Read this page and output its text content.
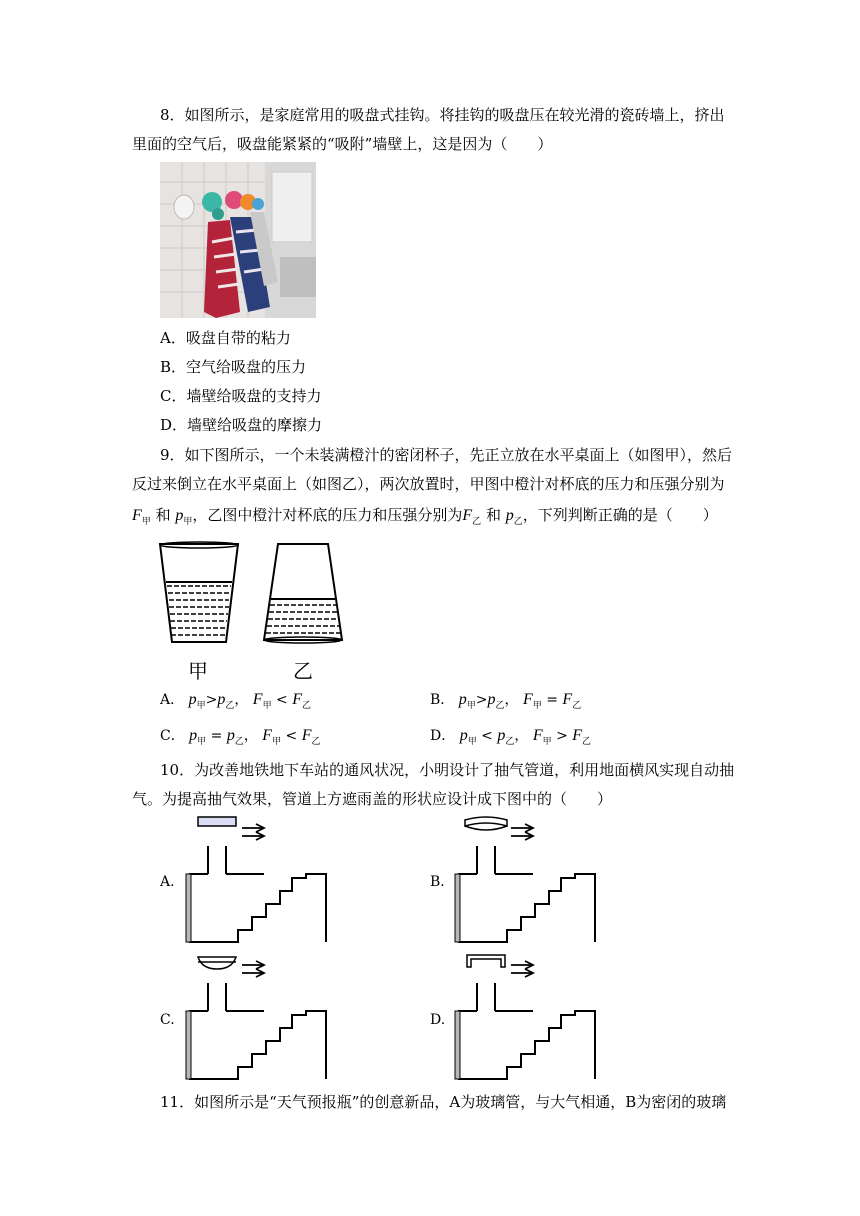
8．如图所示，是家庭常用的吸盘式挂钩。将挂钩的吸盘压在较光滑的瓷砖墙上，挤出
里面的空气后，吸盘能紧紧的“吸附”墙壁上，这是因为（　　）
A．吸盘自带的粘力
B．空气给吸盘的压力
C．墙壁给吸盘的支持力
D．墙壁给吸盘的摩擦力
9．如下图所示，一个未装满橙汁的密闭杯子，先正立放在水平桌面上（如图甲），然后
反过来倒立在水平桌面上（如图乙），两次放置时，甲图中橙汁对杯底的压力和压强分别为
$F_甲$ 和 $p_甲$，乙图中橙汁对杯底的压力和压强分别为$F_乙$ 和 $p_乙$，下列判断正确的是（　　）
甲	乙
A． $p_甲>p_乙$， $F_甲 < F_乙$	B． $p_甲>p_乙$， $F_甲 = F_乙$
C． $p_甲 = p_乙$， $F_甲 < F_乙$	D． $p_甲 < p_乙$， $F_甲 > F_乙$
10．为改善地铁地下车站的通风状况，小明设计了抽气管道，利用地面横风实现自动抽
气。为提高抽气效果，管道上方遮雨盖的形状应设计成下图中的（　　）
A.	B.
C.	D.
11．如图所示是“天气预报瓶”的创意新品，A为玻璃管，与大气相通，B为密闭的玻璃
